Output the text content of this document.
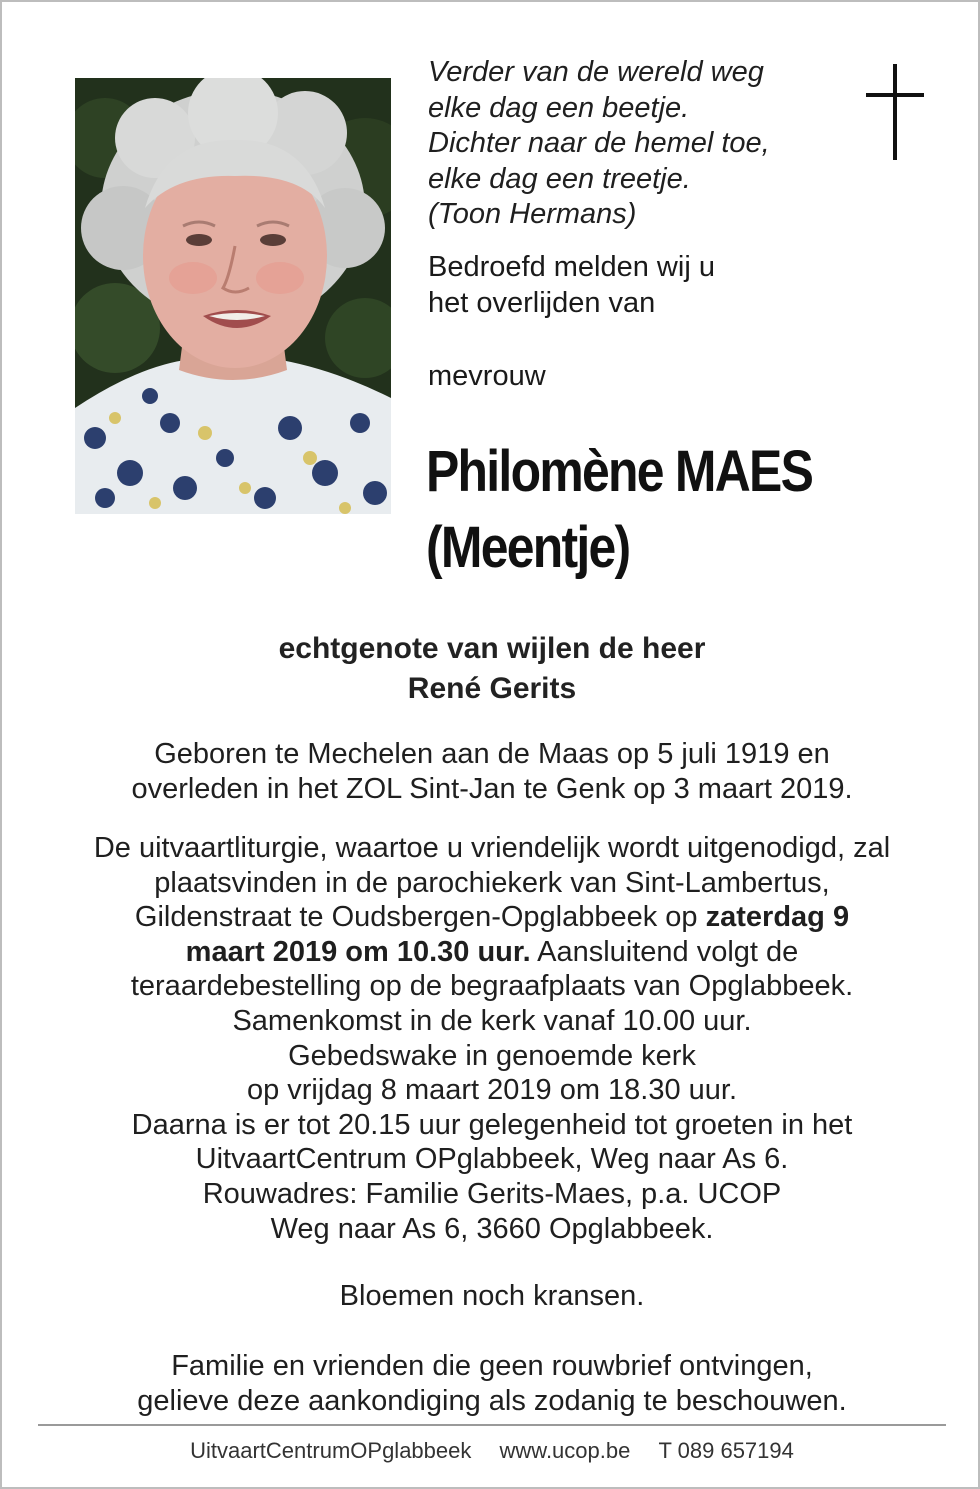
Verder van de wereld weg
elke dag een beetje.
Dichter naar de hemel toe,
elke dag een treetje.
(Toon Hermans)
Bedroefd melden wij u
het overlijden van
mevrouw
Philomène MAES
(Meentje)
echtgenote van wijlen de heer
René Gerits
Geboren te Mechelen aan de Maas op 5 juli 1919 en
overleden in het ZOL Sint-Jan te Genk op 3 maart 2019.
De uitvaartliturgie, waartoe u vriendelijk wordt uitgenodigd, zal
plaatsvinden in de parochiekerk van Sint-Lambertus,
Gildenstraat te Oudsbergen-Opglabbeek op zaterdag 9
maart 2019 om 10.30 uur. Aansluitend volgt de
teraardebestelling op de begraafplaats van Opglabbeek.
Samenkomst in de kerk vanaf 10.00 uur.
Gebedswake in genoemde kerk
op vrijdag 8 maart 2019 om 18.30 uur.
Daarna is er tot 20.15 uur gelegenheid tot groeten in het
UitvaartCentrum OPglabbeek, Weg naar As 6.
Rouwadres: Familie Gerits-Maes, p.a. UCOP
Weg naar As 6, 3660 Opglabbeek.
Bloemen noch kransen.
Familie en vrienden die geen rouwbrief ontvingen,
gelieve deze aankondiging als zodanig te beschouwen.
UitvaartCentrumOPglabbeek www.ucop.be T 089 657194
